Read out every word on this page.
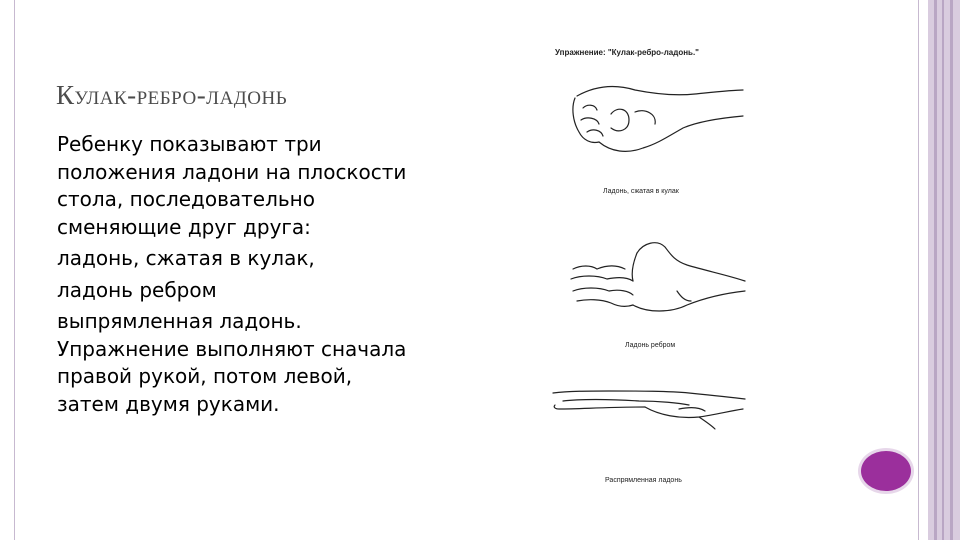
Кулак-ребро-ладонь

Ребенку показывают три положения ладони на плоскости стола, последовательно сменяющие друг друга:

ладонь, сжатая в кулак,

ладонь ребром

выпрямленная ладонь. Упражнение выполняют сначала правой рукой, потом левой, затем двумя руками.

Упражнение: "Кулак-ребро-ладонь."
Ладонь, сжатая в кулак
Ладонь ребром
Распрямленная ладонь
